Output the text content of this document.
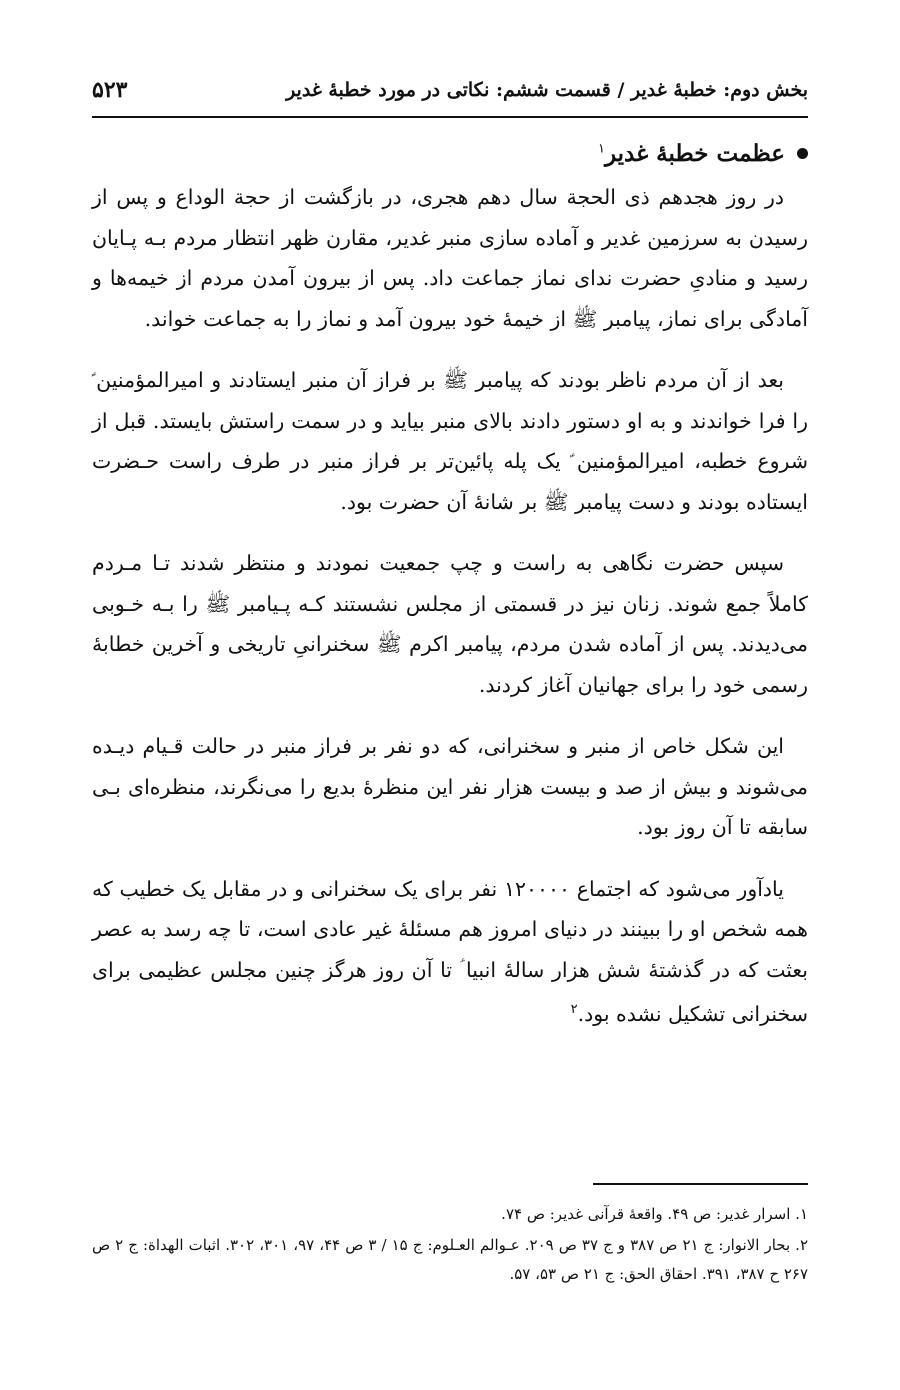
بخش دوم: خطبۀ غدیر / قسمت ششم: نکاتی در مورد خطبۀ غدیر
۵۲۳
عظمت خطبۀ غدیر$^۱$

در روز هجدهم ذی الحجة سال دهم هجری، در بازگشت از حجة الوداع و پس از رسیدن به سرزمین غدیر و آماده سازی منبر غدیر، مقارن ظهر انتظار مردم بـه پـایان رسید و منادیِ حضرت ندای نماز جماعت داد. پس از بیرون آمدن مردم از خیمه‌ها و آمادگی برای نماز، پیامبر ﷺ از خیمۀ خود بیرون آمد و نماز را به جماعت خواند.

بعد از آن مردم ناظر بودند که پیامبر ﷺ بر فراز آن منبر ایستادند و امیرالمؤمنین ؑ را فرا خواندند و به او دستور دادند بالای منبر بیاید و در سمت راستش بایستد. قبل از شروع خطبه، امیرالمؤمنین ؑ یک پله پائین‌تر بر فراز منبر در طرف راست حـضرت ایستاده بودند و دست پیامبر ﷺ بر شانۀ آن حضرت بود.

سپس حضرت نگاهی به راست و چپ جمعیت نمودند و منتظر شدند تـا مـردم کاملاً جمع شوند. زنان نیز در قسمتی از مجلس نشستند کـه پـیامبر ﷺ را بـه خـوبی می‌دیدند. پس از آماده شدن مردم، پیامبر اکرم ﷺ سخنرانیِ تاریخی و آخرین خطابۀ رسمی خود را برای جهانیان آغاز کردند.

این شکل خاص از منبر و سخنرانی، که دو نفر بر فراز منبر در حالت قـیام دیـده می‌شوند و بیش از صد و بیست هزار نفر این منظرۀ بدیع را می‌نگرند، منظره‌ای بـی سابقه تا آن روز بود.

یادآور می‌شود که اجتماع ۱۲۰۰۰۰ نفر برای یک سخنرانی و در مقابل یک خطیب که همه شخص او را ببینند در دنیای امروز هم مسئلۀ غیر عادی است، تا چه رسد به عصر بعثت که در گذشتۀ شش هزار سالۀ انبیا ؑ تا آن روز هرگز چنین مجلس عظیمی برای سخنرانی تشکیل نشده بود.$^۲$

۱. اسرار غدیر: ص ۴۹. واقعۀ قرآنی غدیر: ص ۷۴.

۲. بحار الانوار: ج ۲۱ ص ۳۸۷ و ج ۳۷ ص ۲۰۹. عـوالم العـلوم: ج ۱۵ / ۳ ص ۴۴، ۹۷، ۳۰۱، ۳۰۲. اثبات الهداة: ج ۲ ص ۲۶۷ ح ۳۸۷، ۳۹۱. احقاق الحق: ج ۲۱ ص ۵۳، ۵۷.
